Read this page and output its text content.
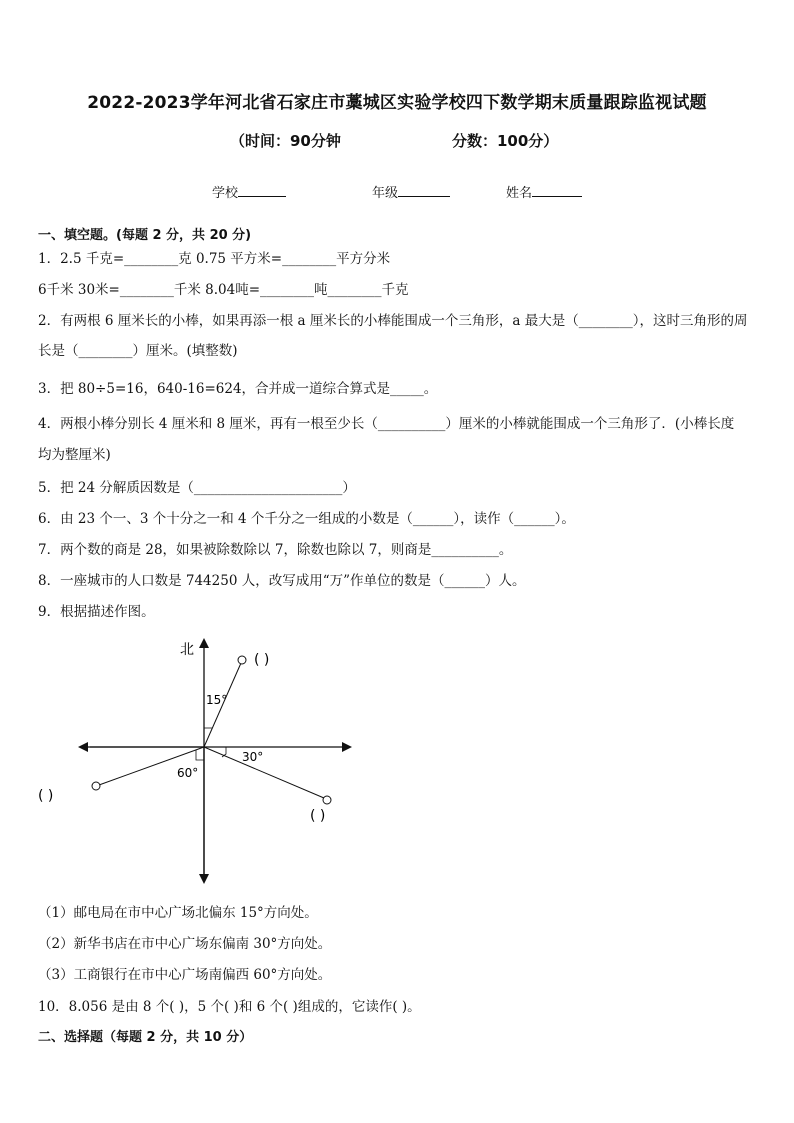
2022-2023学年河北省石家庄市藁城区实验学校四下数学期末质量跟踪监视试题
（时间：90分钟	分数：100分）
学校	年级	姓名
一、填空题。(每题 2 分，共 20 分)
1．2.5 千克=________克 0.75 平方米=________平方分米
6千米 30米=________千米 8.04吨=________吨________千克
2．有两根 6 厘米长的小棒，如果再添一根 a 厘米长的小棒能围成一个三角形，a 最大是（________），这时三角形的周
长是（________）厘米。(填整数)
3．把 80÷5=16，640-16=624，合并成一道综合算式是_____。
4．两根小棒分别长 4 厘米和 8 厘米，再有一根至少长（__________）厘米的小棒就能围成一个三角形了．(小棒长度
均为整厘米)
5．把 24 分解质因数是（______________________）
6．由 23 个一、3 个十分之一和 4 个千分之一组成的小数是（______），读作（______）。
7．两个数的商是 28，如果被除数除以 7，除数也除以 7，则商是__________。
8．一座城市的人口数是 744250 人，改写成用“万”作单位的数是（______）人。
9．根据描述作图。
北
15°
30°
60°
( )
( )
( )
（1）邮电局在市中心广场北偏东 15°方向处。
（2）新华书店在市中心广场东偏南 30°方向处。
（3）工商银行在市中心广场南偏西 60°方向处。
10．8.056 是由 8 个( )，5 个( )和 6 个( )组成的，它读作( )。
二、选择题（每题 2 分，共 10 分）
